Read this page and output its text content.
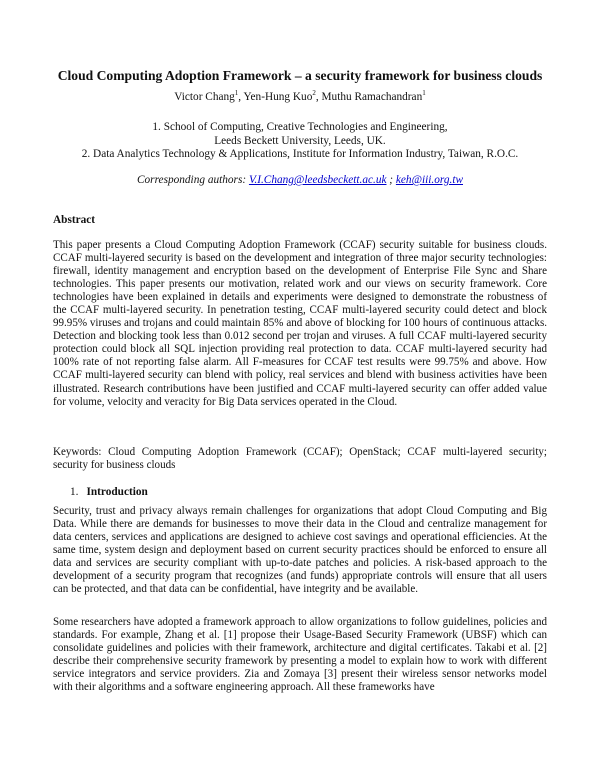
Cloud Computing Adoption Framework – a security framework for business clouds
Victor Chang$^1$, Yen-Hung Kuo$^2$, Muthu Ramachandran$^1$
1. School of Computing, Creative Technologies and Engineering,
Leeds Beckett University, Leeds, UK.
2. Data Analytics Technology & Applications, Institute for Information Industry, Taiwan, R.O.C.
Corresponding authors: V.I.Chang@leedsbeckett.ac.uk ; keh@iii.org.tw
Abstract
This paper presents a Cloud Computing Adoption Framework (CCAF) security suitable for business clouds. CCAF multi-layered security is based on the development and integration of three major security technologies: firewall, identity management and encryption based on the development of Enterprise File Sync and Share technologies. This paper presents our motivation, related work and our views on security framework. Core technologies have been explained in details and experiments were designed to demonstrate the robustness of the CCAF multi-layered security. In penetration testing, CCAF multi-layered security could detect and block 99.95% viruses and trojans and could maintain 85% and above of blocking for 100 hours of continuous attacks. Detection and blocking took less than 0.012 second per trojan and viruses. A full CCAF multi-layered security protection could block all SQL injection providing real protection to data. CCAF multi-layered security had 100% rate of not reporting false alarm. All F-measures for CCAF test results were 99.75% and above. How CCAF multi-layered security can blend with policy, real services and blend with business activities have been illustrated. Research contributions have been justified and CCAF multi-layered security can offer added value for volume, velocity and veracity for Big Data services operated in the Cloud.
Keywords: Cloud Computing Adoption Framework (CCAF); OpenStack; CCAF multi-layered security; security for business clouds
1. Introduction
Security, trust and privacy always remain challenges for organizations that adopt Cloud Computing and Big Data. While there are demands for businesses to move their data in the Cloud and centralize management for data centers, services and applications are designed to achieve cost savings and operational efficiencies. At the same time, system design and deployment based on current security practices should be enforced to ensure all data and services are security compliant with up-to-date patches and policies. A risk-based approach to the development of a security program that recognizes (and funds) appropriate controls will ensure that all users can be protected, and that data can be confidential, have integrity and be available.
Some researchers have adopted a framework approach to allow organizations to follow guidelines, policies and standards. For example, Zhang et al. [1] propose their Usage-Based Security Framework (UBSF) which can consolidate guidelines and policies with their framework, architecture and digital certificates. Takabi et al. [2] describe their comprehensive security framework by presenting a model to explain how to work with different service integrators and service providers. Zia and Zomaya [3] present their wireless sensor networks model with their algorithms and a software engineering approach. All these frameworks have
